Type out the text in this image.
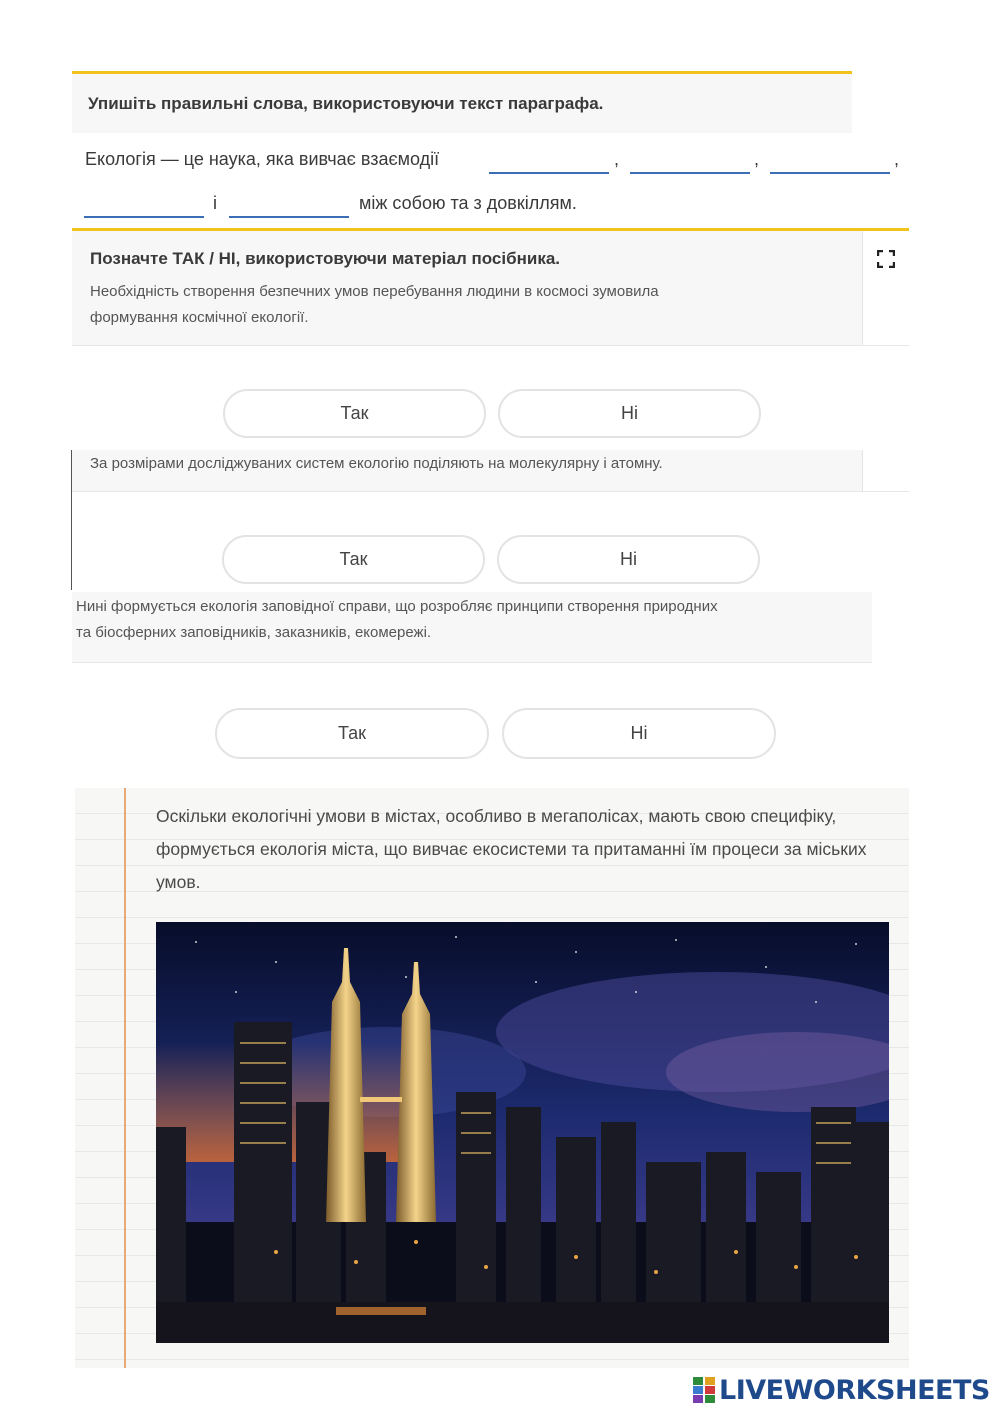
Упишіть правильні слова, використовуючи текст параграфа.
Екологія — це наука, яка вивчає взаємодії	,	,	,
і	між собою та з довкіллям.
Позначте ТАК / НІ, використовуючи матеріал посібника.
Необхідність створення безпечних умов перебування людини в космосі зумовила
формування космічної екології.
Так	Ні
За розмірами досліджуваних систем екологію поділяють на молекулярну і атомну.
Так	Ні
Нині формується екологія заповідної справи, що розробляє принципи створення природних
та біосферних заповідників, заказників, екомережі.
Так	Ні
Оскільки екологічні умови в містах, особливо в мегаполісах, мають свою специфіку, формується екологія міста, що вивчає екосистеми та притаманні їм процеси за міських умов.
LIVEWORKSHEETS
